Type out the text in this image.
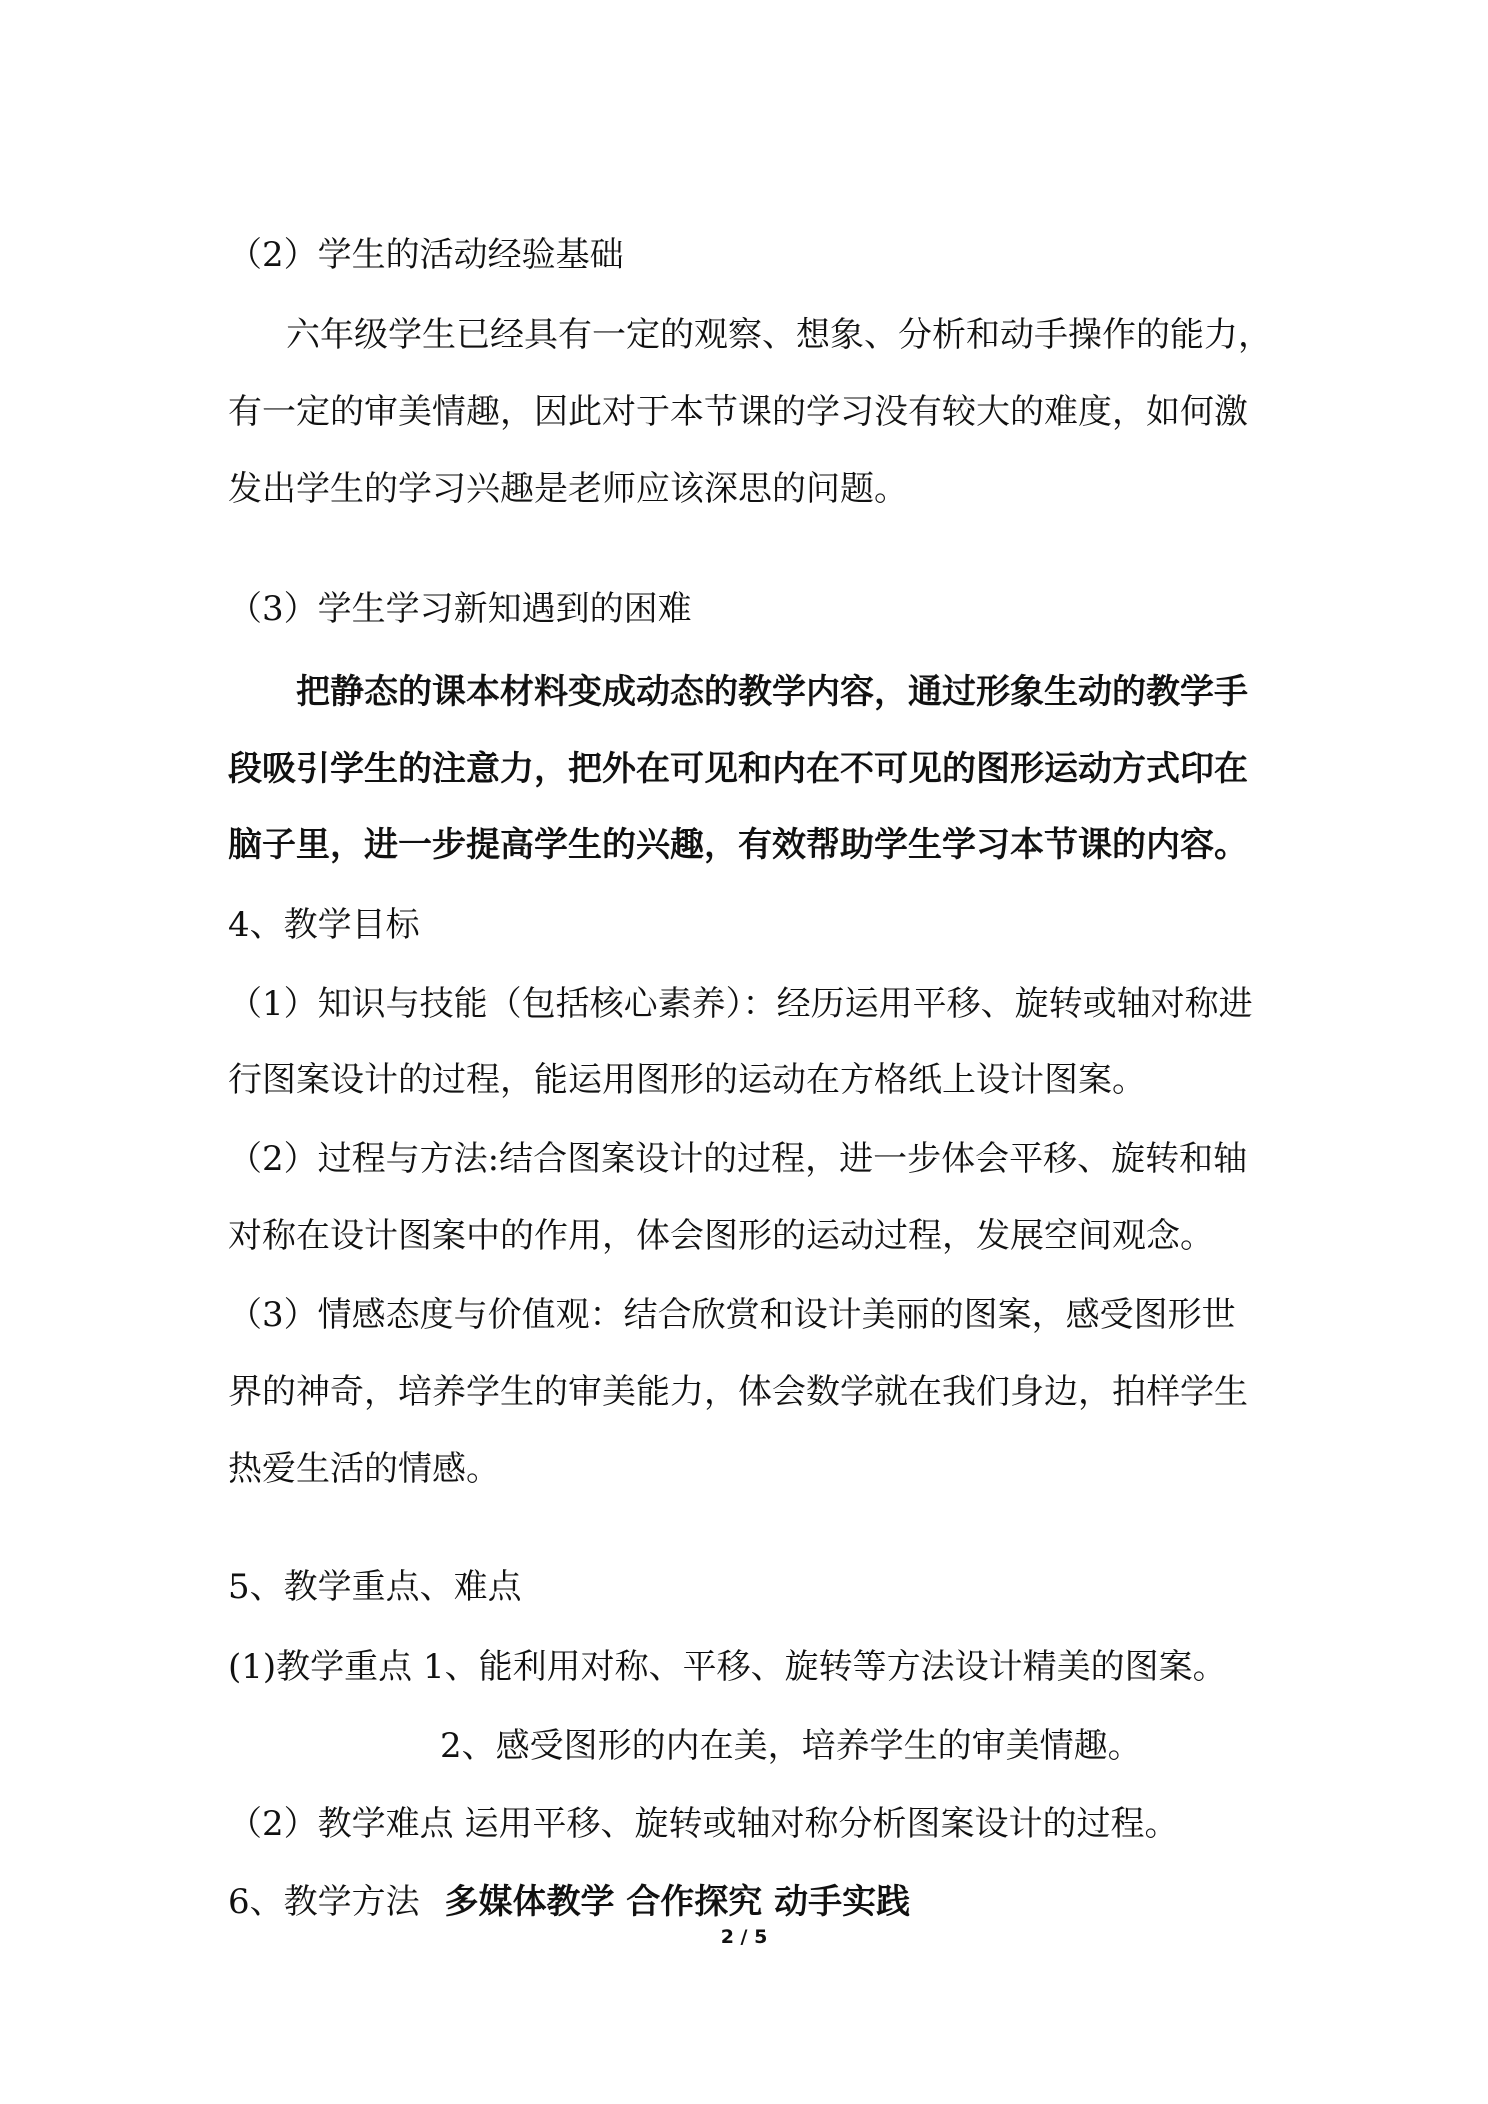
（2）学生的活动经验基础
六年级学生已经具有一定的观察、想象、分析和动手操作的能力，
有一定的审美情趣，因此对于本节课的学习没有较大的难度，如何激
发出学生的学习兴趣是老师应该深思的问题。
（3）学生学习新知遇到的困难
把静态的课本材料变成动态的教学内容，通过形象生动的教学手
段吸引学生的注意力，把外在可见和内在不可见的图形运动方式印在
脑子里，进一步提高学生的兴趣，有效帮助学生学习本节课的内容。
4、教学目标
（1）知识与技能（包括核心素养）：经历运用平移、旋转或轴对称进
行图案设计的过程，能运用图形的运动在方格纸上设计图案。
（2）过程与方法:结合图案设计的过程，进一步体会平移、旋转和轴
对称在设计图案中的作用，体会图形的运动过程，发展空间观念。
（3）情感态度与价值观：结合欣赏和设计美丽的图案，感受图形世
界的神奇，培养学生的审美能力，体会数学就在我们身边，拍样学生
热爱生活的情感。
5、教学重点、难点
(1)教学重点 1、能利用对称、平移、旋转等方法设计精美的图案。
2、感受图形的内在美，培养学生的审美情趣。
（2）教学难点 运用平移、旋转或轴对称分析图案设计的过程。
6、教学方法 多媒体教学 合作探究 动手实践
2 / 5
